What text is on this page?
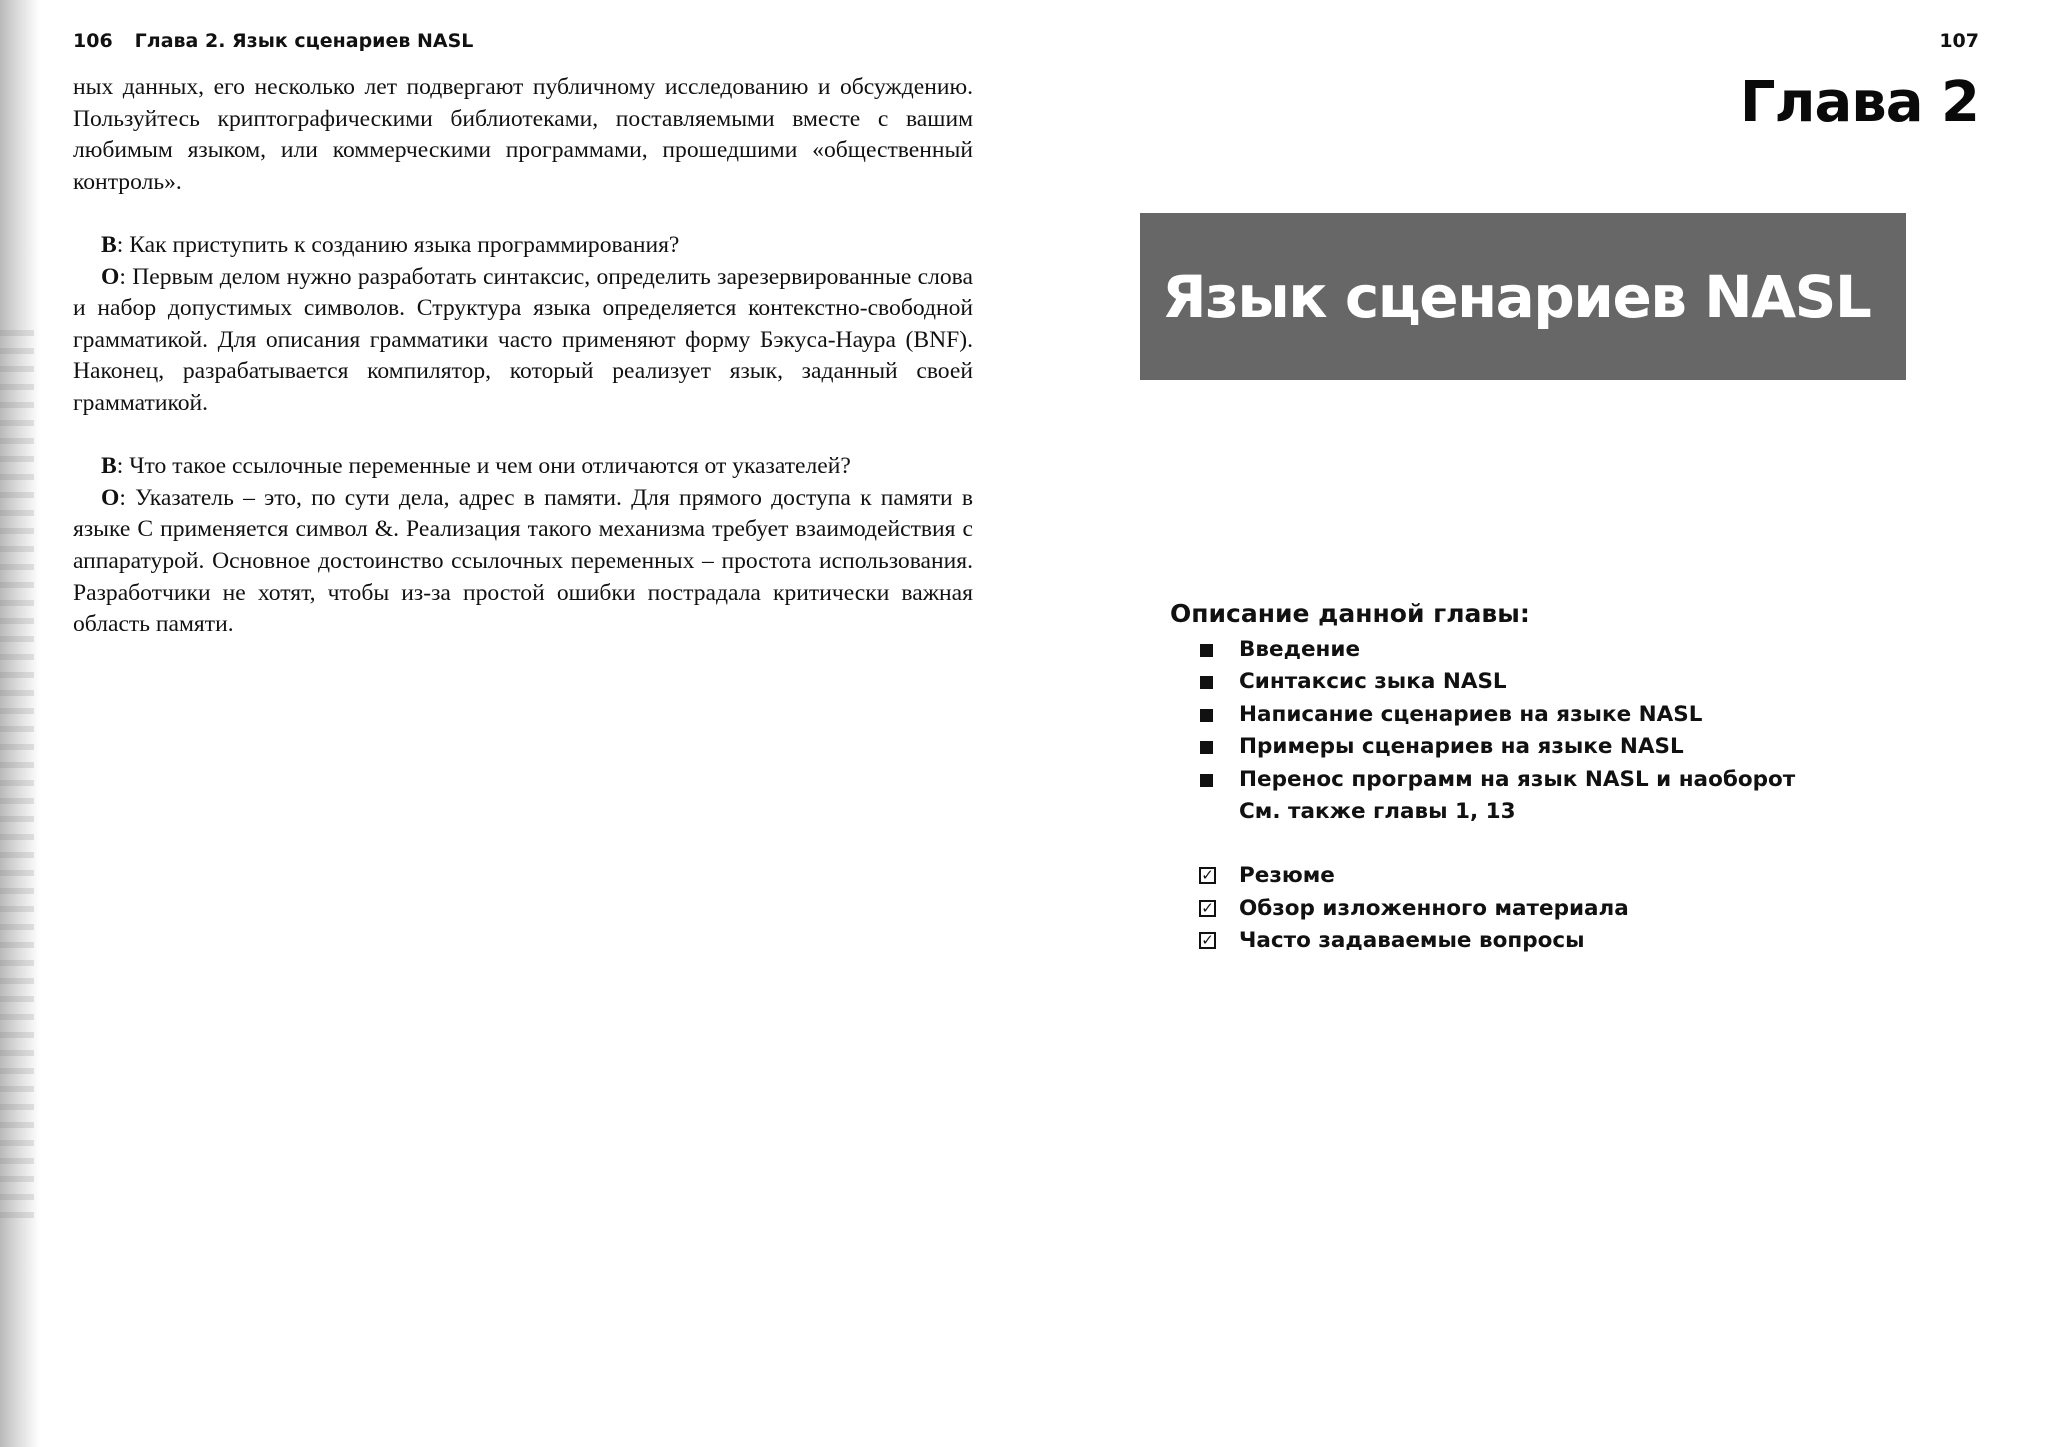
106 Глава 2. Язык сценариев NASL

ных данных, его несколько лет подвергают публичному исследованию и обсуждению. Пользуйтесь криптографическими библиотеками, поставляемыми вместе с вашим любимым языком, или коммерческими программами, прошедшими «общественный контроль».

В: Как приступить к созданию языка программирования?

О: Первым делом нужно разработать синтаксис, определить зарезервированные слова и набор допустимых символов. Структура языка определяется контекстно-свободной грамматикой. Для описания грамматики часто применяют форму Бэкуса-Наура (BNF). Наконец, разрабатывается компилятор, который реализует язык, заданный своей грамматикой.

В: Что такое ссылочные переменные и чем они отличаются от указателей?

О: Указатель – это, по сути дела, адрес в памяти. Для прямого доступа к памяти в языке C применяется символ &. Реализация такого механизма требует взаимодействия с аппаратурой. Основное достоинство ссылочных переменных – простота использования. Разработчики не хотят, чтобы из-за простой ошибки пострадала критически важная область памяти.

107
Глава 2
Язык сценариев NASL
Описание данной главы:
Введение
Синтаксис зыка NASL
Написание сценариев на языке NASL
Примеры сценариев на языке NASL
Перенос программ на язык NASL и наоборот
См. также главы 1, 13
✓ Резюме
✓ Обзор изложенного материала
✓ Часто задаваемые вопросы
